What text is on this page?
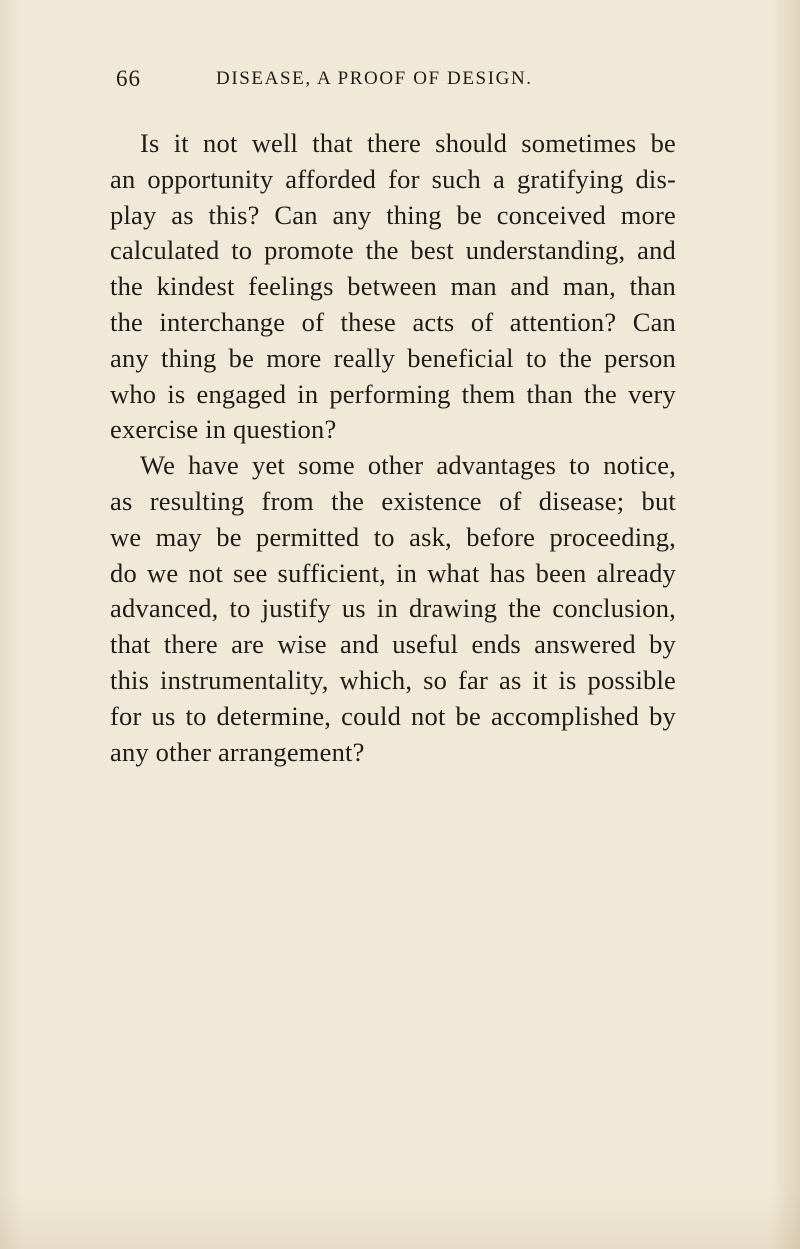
66	DISEASE, A PROOF OF DESIGN.
Is it not well that there should sometimes be
an opportunity afforded for such a gratifying dis-
play as this? Can any thing be conceived more
calculated to promote the best understanding, and
the kindest feelings between man and man, than
the interchange of these acts of attention? Can
any thing be more really beneficial to the person
who is engaged in performing them than the very
exercise in question?
We have yet some other advantages to notice,
as resulting from the existence of disease; but
we may be permitted to ask, before proceeding,
do we not see sufficient, in what has been already
advanced, to justify us in drawing the conclusion,
that there are wise and useful ends answered by
this instrumentality, which, so far as it is possible
for us to determine, could not be accomplished by
any other arrangement?
